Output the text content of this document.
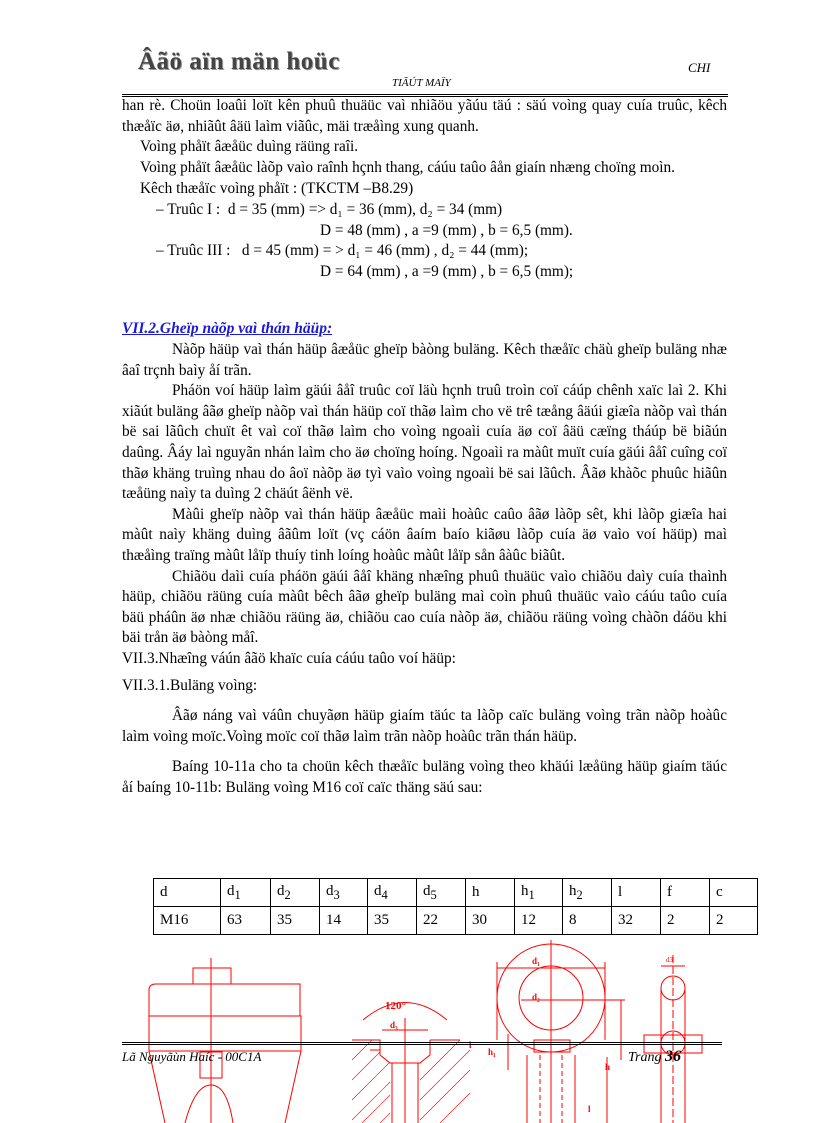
Âãö aïn män hoüc	CHI
TIÃÚT MAÏY
han rè. Choün loaûi loït kên phuû thuäüc vaì nhiãöu yãúu täú : säú voìng quay cuía truûc, kêch thæåïc äø, nhiãût âäü laìm viãûc, mäi træåìng xung quanh.
Voìng phåït âæåüc duìng räüng raîi.
Voìng phåït âæåüc làõp vaìo raînh hçnh thang, cáúu taûo âån giaín nhæng choïng moìn.
Kêch thæåïc voìng phåït : (TKCTM –B8.29)
– Truûc I : d = 35 (mm) => d₁ = 36 (mm), d₂ = 34 (mm)
D = 48 (mm) , a =9 (mm) , b = 6,5 (mm).
– Truûc III : d = 45 (mm) = > d₁ = 46 (mm) , d₂ = 44 (mm);
D = 64 (mm) , a =9 (mm) , b = 6,5 (mm);
VII.2.Gheïp nàõp vaì thán häüp:
Nàõp häüp vaì thán häüp âæåüc gheïp bàòng buläng. Kêch thæåïc chäù gheïp buläng nhæ âaî trçnh baìy åí trãn.
Pháön voí häüp laìm gäúi âåî truûc coï läù hçnh truû troìn coï cáúp chênh xaïc laì 2. Khi xiãút buläng âãø gheïp nàõp vaì thán häüp coï thãø laìm cho vë trê tæång âäúi giæîa nàõp vaì thán bë sai lãûch chuït êt vaì coï thãø laìm cho voìng ngoaìi cuía äø coï âäü cæïng tháúp bë biãún daûng. Âáy laì nguyãn nhán laìm cho äø choïng hoíng. Ngoaìi ra màût muït cuía gäúi âåî cuîng coï thãø khäng truìng nhau do âoï nàõp äø tyì vaìo voìng ngoaìi bë sai lãûch. Âãø khàõc phuûc hiãûn tæåüng naìy ta duìng 2 chäút âënh vë.
Màûi gheïp nàõp vaì thán häüp âæåüc maìi hoàûc caûo âãø làõp sêt, khi làõp giæîa hai màût naìy khäng duìng âãûm loït (vç cáön âaím baío kiãøu làõp cuía äø vaìo voí häüp) maì thæåìng traïng màût låïp thuíy tinh loíng hoàûc màût låïp sån âàûc biãût.
Chiãöu daìi cuía pháön gäúi âåî khäng nhæîng phuû thuäüc vaìo chiãöu daìy cuía thaình häüp, chiãöu räüng cuía màût bêch âãø gheïp buläng maì coìn phuû thuäüc vaìo cáúu taûo cuía bäü pháûn äø nhæ chiãöu räüng äø, chiãöu cao cuía nàõp äø, chiãöu räüng voìng chàõn dáöu khi bäi trån äø bàòng måî.
VII.3.Nhæîng váún âãö khaïc cuía cáúu taûo voí häüp:
VII.3.1.Buläng voìng:
Âãø náng vaì váûn chuyãøn häüp giaím täúc ta làõp caïc buläng voìng trãn nàõp hoàûc laìm voìng moïc.Voìng moïc coï thãø laìm trãn nàõp hoàûc trãn thán häüp.
Baíng 10-11a cho ta choün kêch thæåïc buläng voìng theo khäúi læåüng häüp giaím täúc åí baíng 10-11b: Buläng voìng M16 coï caïc thäng säú sau:
d	$d_1$	$d_2$	$d_3$	$d_4$	$d_5$	h	$h_1$	$h_2$	l	f	c
M16	63	35	14	35	22	30	12	8	32	2	2
120°
d₃
l
d₁
d₂
h
h₁
l
d3
Lã Nguyãùn Haíc - 00C1A	Trang 36
